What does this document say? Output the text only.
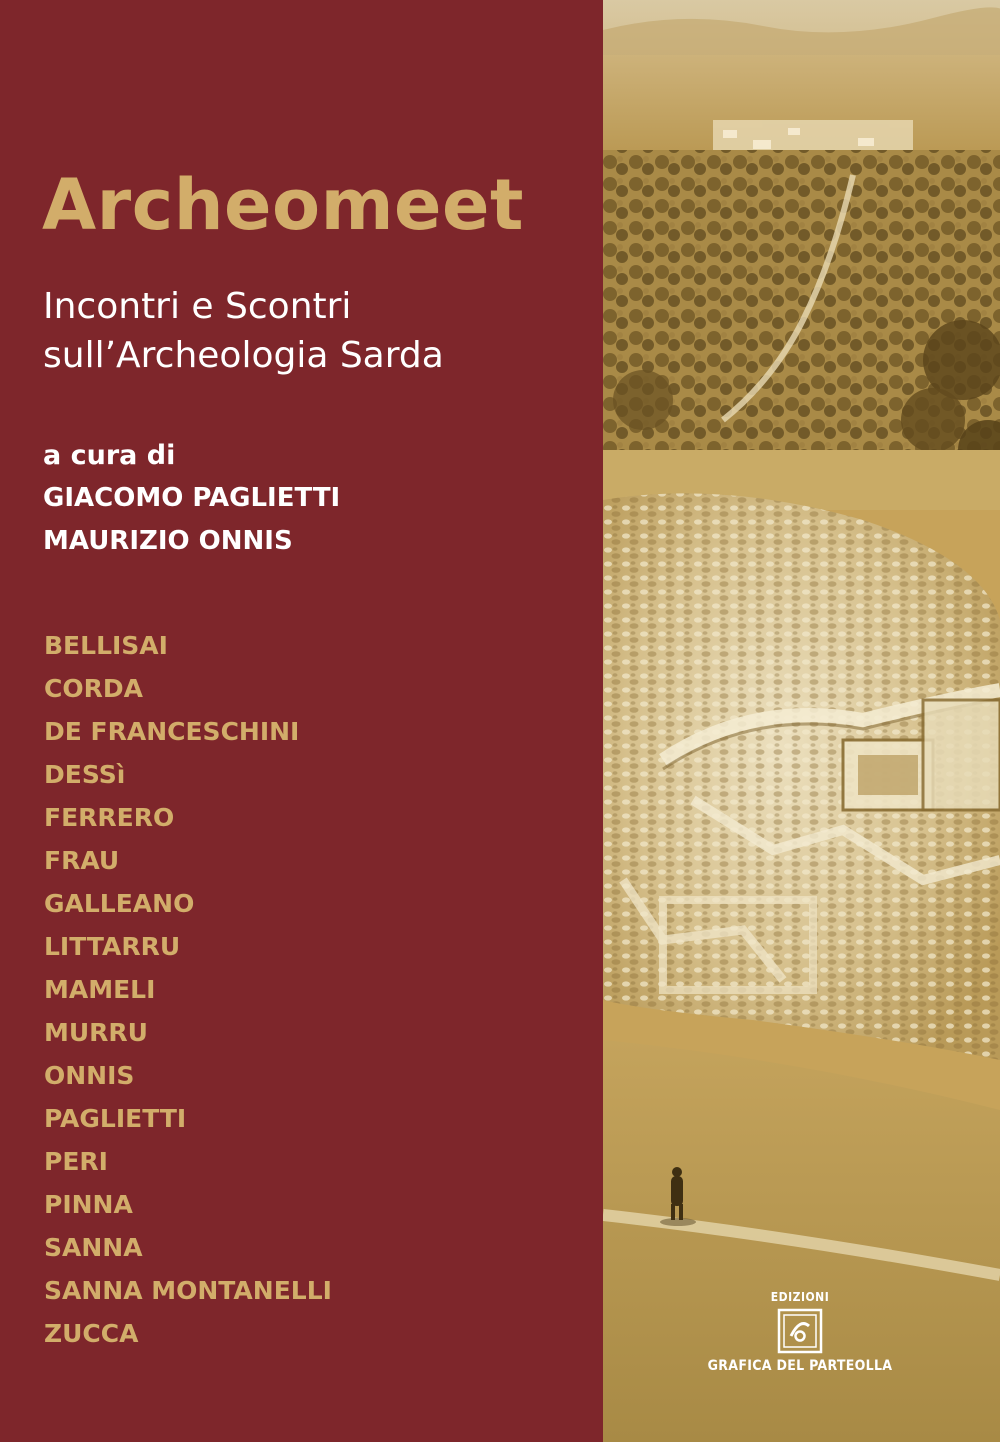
Archeomeet
Incontri e Scontri
sull’Archeologia Sarda
a cura di
GIACOMO PAGLIETTI
MAURIZIO ONNIS
BELLISAI
CORDA
DE FRANCESCHINI
DESSì
FERRERO
FRAU
GALLEANO
LITTARRU
MAMELI
MURRU
ONNIS
PAGLIETTI
PERI
PINNA
SANNA
SANNA MONTANELLI
ZUCCA
EDIZIONI
GRAFICA DEL PARTEOLLA
